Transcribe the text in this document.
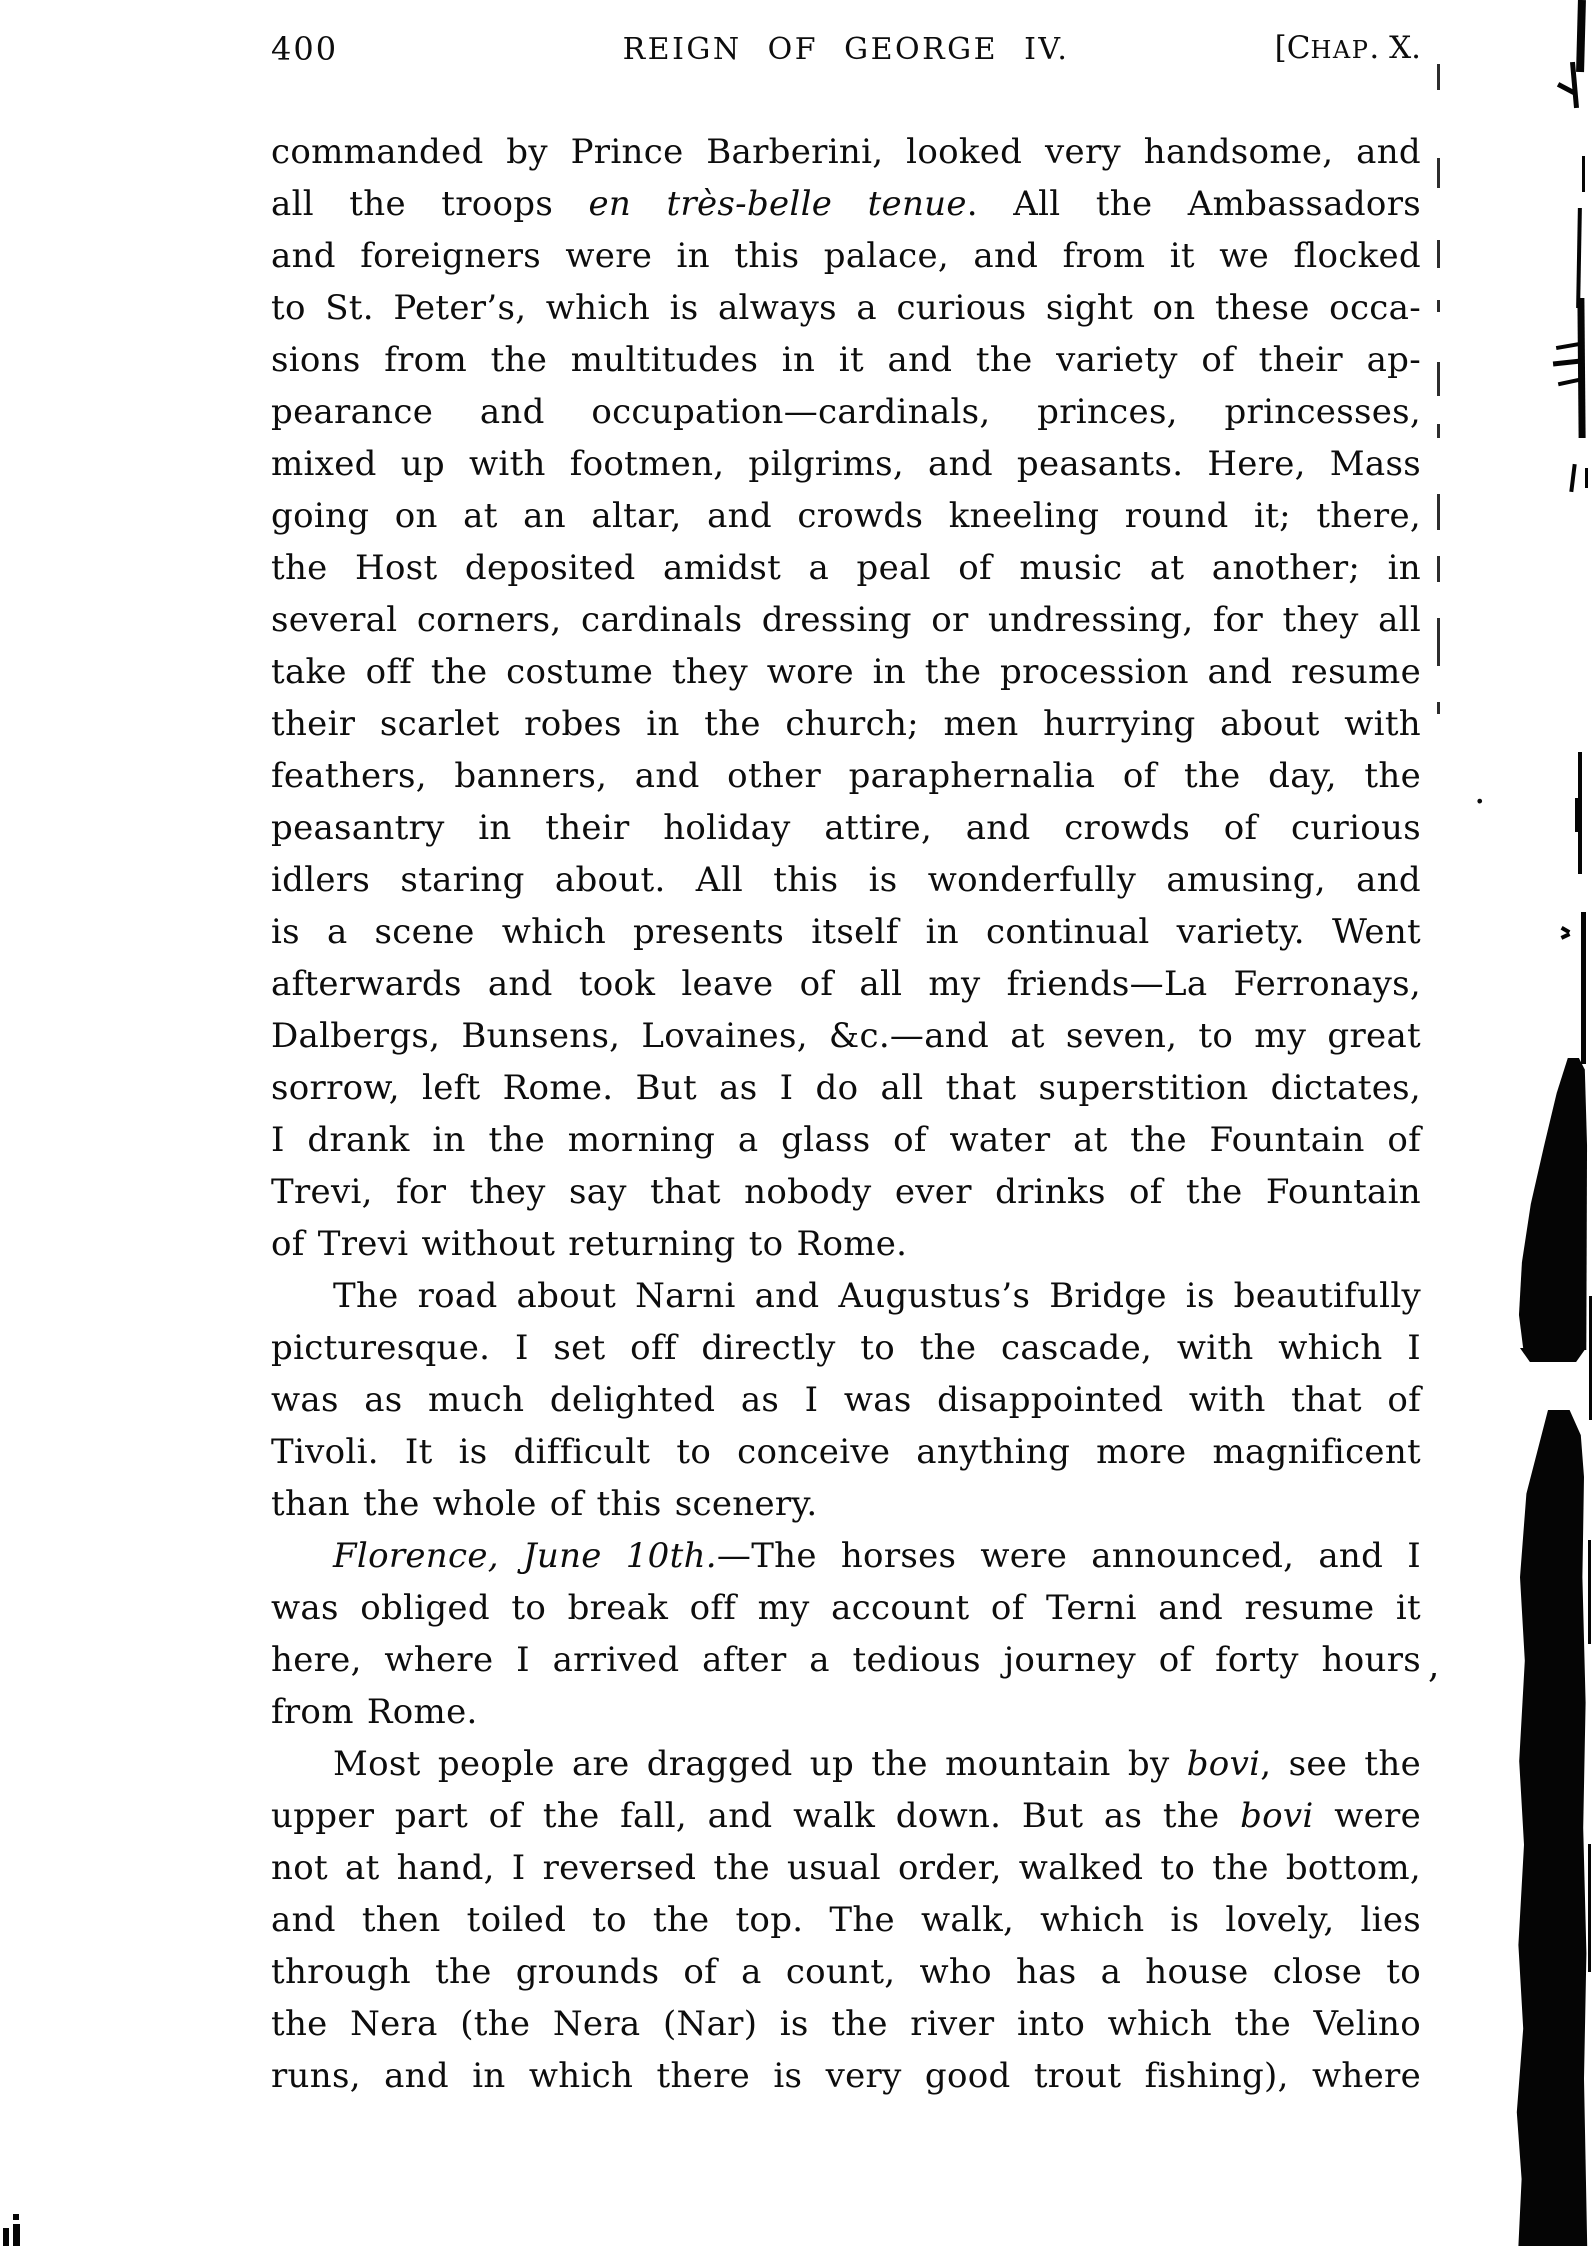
400	REIGN OF GEORGE IV.	[CHAP. X.
commanded by Prince Barberini, looked very handsome, and
all the troops en très-belle tenue. All the Ambassadors
and foreigners were in this palace, and from it we flocked
to St. Peter’s, which is always a curious sight on these occa-
sions from the multitudes in it and the variety of their ap-
pearance and occupation—cardinals, princes, princesses,
mixed up with footmen, pilgrims, and peasants. Here, Mass
going on at an altar, and crowds kneeling round it; there,
the Host deposited amidst a peal of music at another; in
several corners, cardinals dressing or undressing, for they all
take off the costume they wore in the procession and resume
their scarlet robes in the church; men hurrying about with
feathers, banners, and other paraphernalia of the day, the
peasantry in their holiday attire, and crowds of curious
idlers staring about. All this is wonderfully amusing, and
is a scene which presents itself in continual variety. Went
afterwards and took leave of all my friends—La Ferronays,
Dalbergs, Bunsens, Lovaines, &c.—and at seven, to my great
sorrow, left Rome. But as I do all that superstition dictates,
I drank in the morning a glass of water at the Fountain of
Trevi, for they say that nobody ever drinks of the Fountain
of Trevi without returning to Rome.
The road about Narni and Augustus’s Bridge is beautifully
picturesque. I set off directly to the cascade, with which I
was as much delighted as I was disappointed with that of
Tivoli. It is difficult to conceive anything more magnificent
than the whole of this scenery.
Florence, June 10th.—The horses were announced, and I
was obliged to break off my account of Terni and resume it
here, where I arrived after a tedious journey of forty hours
from Rome.
Most people are dragged up the mountain by bovi, see the
upper part of the fall, and walk down. But as the bovi were
not at hand, I reversed the usual order, walked to the bottom,
and then toiled to the top. The walk, which is lovely, lies
through the grounds of a count, who has a house close to
the Nera (the Nera (Nar) is the river into which the Velino
runs, and in which there is very good trout fishing), where
.
,
